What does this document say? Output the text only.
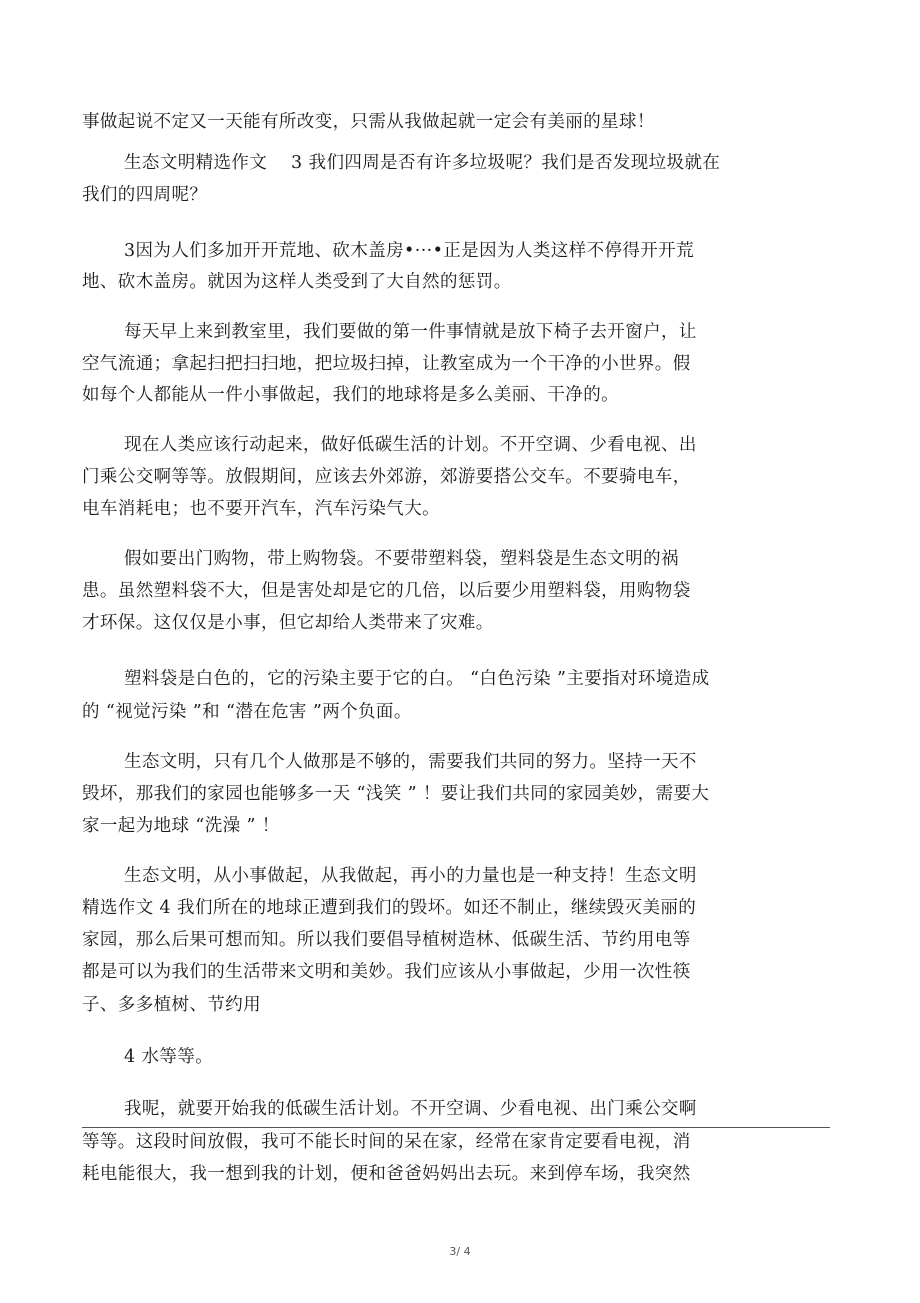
事做起说不定又一天能有所改变，只需从我做起就一定会有美丽的星球！
生态文明精选作文　 3 我们四周是否有许多垃圾呢？我们是否发现垃圾就在
我们的四周呢？
3因为人们多加开开荒地、砍木盖房•···•正是因为人类这样不停得开开荒
地、砍木盖房。就因为这样人类受到了大自然的惩罚。
每天早上来到教室里，我们要做的第一件事情就是放下椅子去开窗户，让
空气流通；拿起扫把扫扫地，把垃圾扫掉，让教室成为一个干净的小世界。假
如每个人都能从一件小事做起，我们的地球将是多么美丽、干净的。
现在人类应该行动起来，做好低碳生活的计划。不开空调、少看电视、出
门乘公交啊等等。放假期间，应该去外郊游，郊游要搭公交车。不要骑电车，
电车消耗电；也不要开汽车，汽车污染气大。
假如要出门购物，带上购物袋。不要带塑料袋，塑料袋是生态文明的祸
患。虽然塑料袋不大，但是害处却是它的几倍，以后要少用塑料袋，用购物袋
才环保。这仅仅是小事，但它却给人类带来了灾难。
塑料袋是白色的，它的污染主要于它的白。 “白色污染 ”主要指对环境造成
的 “视觉污染 ”和 “潜在危害 ”两个负面。
生态文明，只有几个人做那是不够的，需要我们共同的努力。坚持一天不
毁坏，那我们的家园也能够多一天 “浅笑 ” ！要让我们共同的家园美妙，需要大
家一起为地球 “洗澡 ” ！
生态文明，从小事做起，从我做起，再小的力量也是一种支持！生态文明
精选作文 4 我们所在的地球正遭到我们的毁坏。如还不制止，继续毁灭美丽的
家园，那么后果可想而知。所以我们要倡导植树造林、低碳生活、节约用电等
都是可以为我们的生活带来文明和美妙。我们应该从小事做起，少用一次性筷
子、多多植树、节约用
4 水等等。
我呢，就要开始我的低碳生活计划。不开空调、少看电视、出门乘公交啊
等等。这段时间放假，我可不能长时间的呆在家，经常在家肯定要看电视，消
耗电能很大，我一想到我的计划，便和爸爸妈妈出去玩。来到停车场，我突然
3/ 4
